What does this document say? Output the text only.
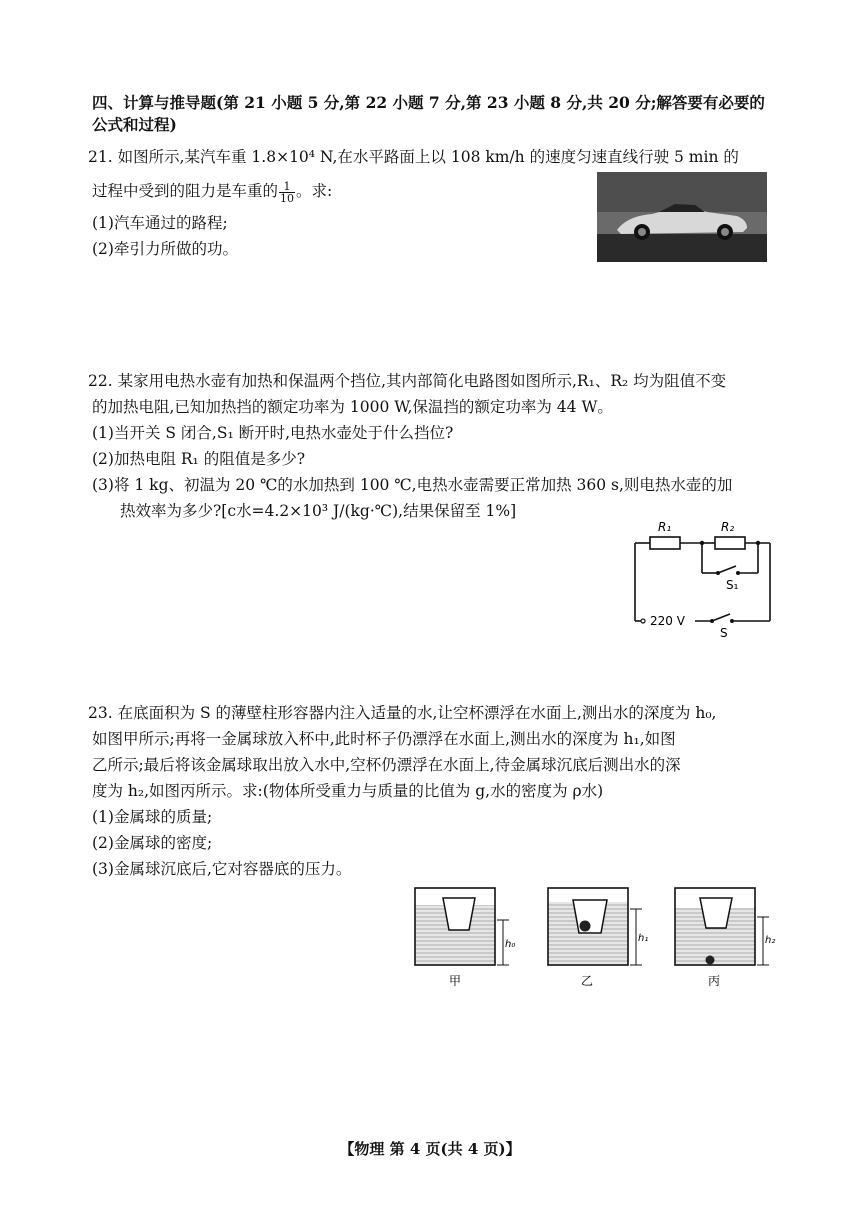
四、计算与推导题(第 21 小题 5 分,第 22 小题 7 分,第 23 小题 8 分,共 20 分;解答要有必要的
公式和过程)
21. 如图所示,某汽车重 1.8×10⁴ N,在水平路面上以 108 km/h 的速度匀速直线行驶 5 min 的
过程中受到的阻力是车重的 $\frac{1}{10}$ 。求:
(1)汽车通过的路程;
(2)牵引力所做的功。
22. 某家用电热水壶有加热和保温两个挡位,其内部简化电路图如图所示,R₁、R₂ 均为阻值不变
的加热电阻,已知加热挡的额定功率为 1000 W,保温挡的额定功率为 44 W。
(1)当开关 S 闭合,S₁ 断开时,电热水壶处于什么挡位?
(2)加热电阻 R₁ 的阻值是多少?
(3)将 1 kg、初温为 20 ℃的水加热到 100 ℃,电热水壶需要正常加热 360 s,则电热水壶的加
热效率为多少?[c水=4.2×10³ J/(kg·℃),结果保留至 1%]
R₁	R₂
S₁
S
220 V
23. 在底面积为 S 的薄壁柱形容器内注入适量的水,让空杯漂浮在水面上,测出水的深度为 h₀,
如图甲所示;再将一金属球放入杯中,此时杯子仍漂浮在水面上,测出水的深度为 h₁,如图
乙所示;最后将该金属球取出放入水中,空杯仍漂浮在水面上,待金属球沉底后测出水的深
度为 h₂,如图丙所示。求:(物体所受重力与质量的比值为 g,水的密度为 ρ水)
(1)金属球的质量;
(2)金属球的密度;
(3)金属球沉底后,它对容器底的压力。
h₀
甲
h₁
乙
h₂
丙
【物理 第 4 页(共 4 页)】
